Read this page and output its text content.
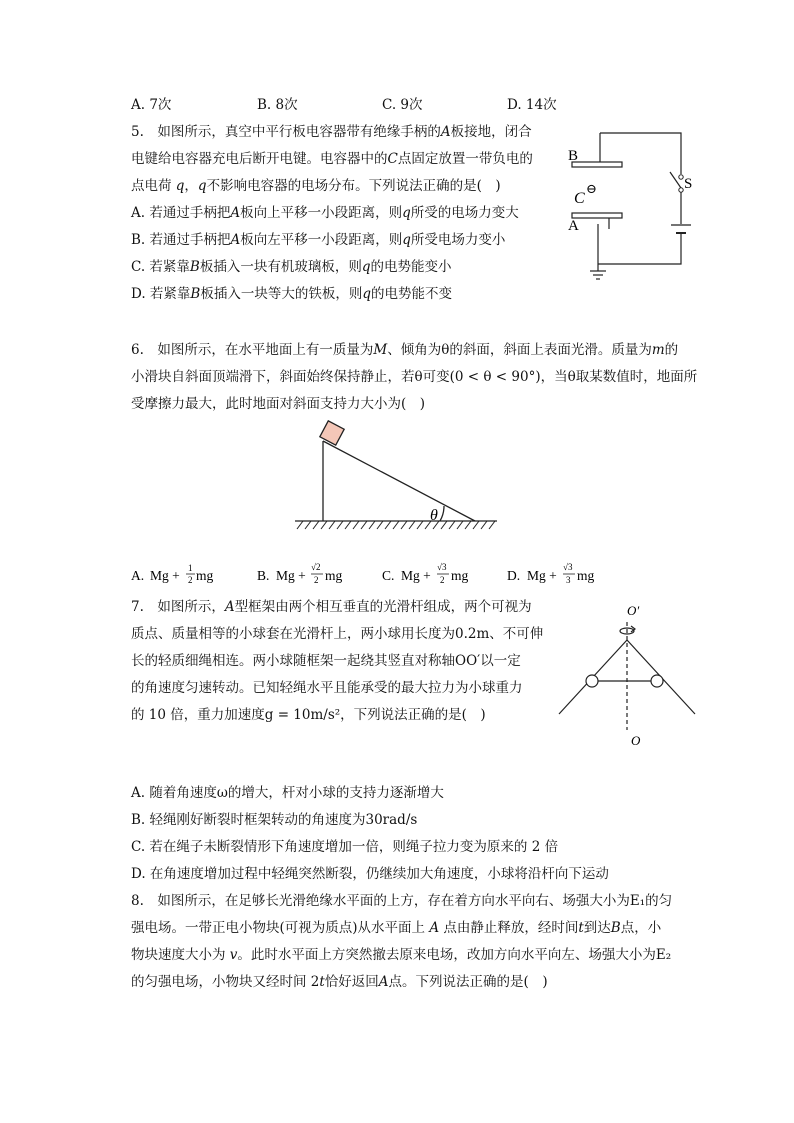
A. 7次	B. 8次	C. 9次	D. 14次
5.　如图所示，真空中平行板电容器带有绝缘手柄的𝐴板接地，闭合
电键给电容器充电后断开电键。电容器中的𝐶点固定放置一带负电的
点电荷 𝑞，𝑞不影响电容器的电场分布。下列说法正确的是(　)
A. 若通过手柄把𝐴板向上平移一小段距离，则𝑞所受的电场力变大
B. 若通过手柄把𝐴板向左平移一小段距离，则𝑞所受电场力变小
C. 若紧靠𝐵板插入一块有机玻璃板，则𝑞的电势能变小
D. 若紧靠𝐵板插入一块等大的铁板，则𝑞的电势能不变
B
A
C
⊖	S
6.　如图所示，在水平地面上有一质量为𝑀、倾角为θ的斜面，斜面上表面光滑。质量为𝑚的
小滑块自斜面顶端滑下，斜面始终保持静止，若θ可变(0 < θ < 90°)，当θ取某数值时，地面所
受摩擦力最大，此时地面对斜面支持力大小为(　)
θ
A. Mg + 1
2 mg	B. Mg +
√2
2 mg	C. Mg +
√3
2 mg	D. Mg +
√3
3 mg
7.　如图所示，𝐴型框架由两个相互垂直的光滑杆组成，两个可视为
质点、质量相等的小球套在光滑杆上，两小球用长度为0.2m、不可伸
长的轻质细绳相连。两小球随框架一起绕其竖直对称轴OO′以一定
的角速度匀速转动。已知轻绳水平且能承受的最大拉力为小球重力
的 10 倍，重力加速度g = 10m/s²，下列说法正确的是(　)
O′
O
A. 随着角速度ω的增大，杆对小球的支持力逐渐增大
B. 轻绳刚好断裂时框架转动的角速度为30rad/s
C. 若在绳子未断裂情形下角速度增加一倍，则绳子拉力变为原来的 2 倍
D. 在角速度增加过程中轻绳突然断裂，仍继续加大角速度，小球将沿杆向下运动
8.　如图所示，在足够长光滑绝缘水平面的上方，存在着方向水平向右、场强大小为E₁的匀
强电场。一带正电小物块(可视为质点)从水平面上 𝐴 点由静止释放，经时间𝑡到达𝐵点，小
物块速度大小为 𝑣。此时水平面上方突然撤去原来电场，改加方向水平向左、场强大小为E₂
的匀强电场，小物块又经时间 2𝑡恰好返回𝐴点。下列说法正确的是(　)
